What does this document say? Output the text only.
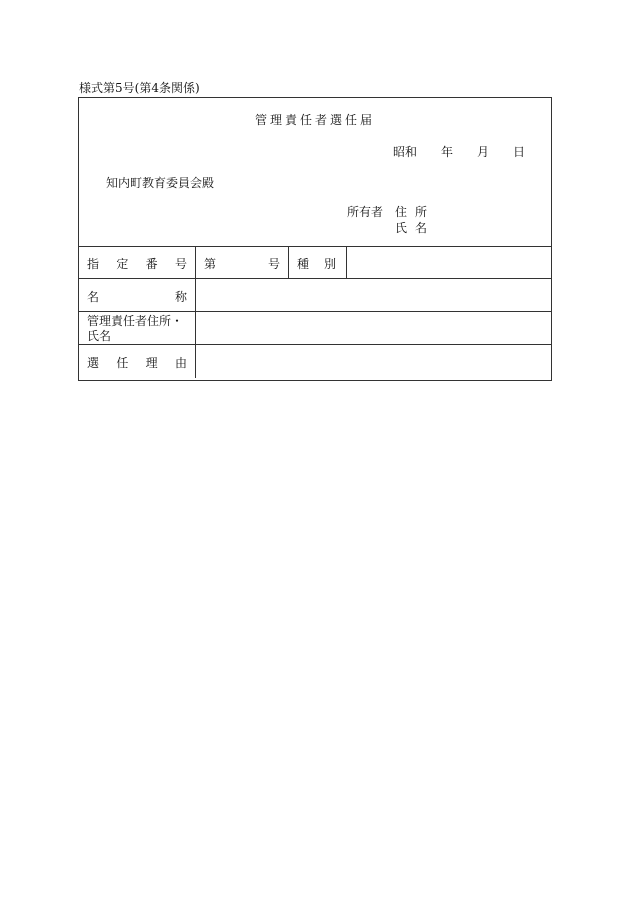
様式第5号(第4条関係)
管理責任者選任届
昭和 年 月 日
知内町教育委員会殿
所有者 住所
氏名
指 定 番 号 第	号 種 別
名	称
管理責任者住所・氏名
選 任 理 由
